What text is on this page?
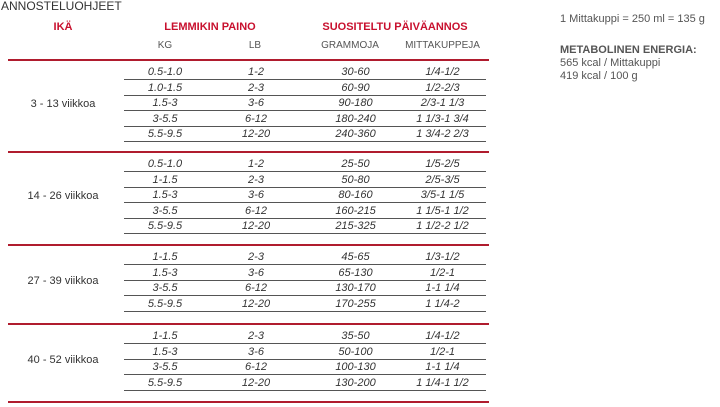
ANNOSTELUOHJEET
IKÄ	LEMMIKIN PAINO	SUOSITELTU PÄIVÄANNOS
KG	LB	GRAMMOJA	MITTAKUPPEJA
3 - 13 viikkoa
0.5-1.0	1-2	30-60	1/4-1/2
1.0-1.5	2-3	60-90	1/2-2/3
1.5-3	3-6	90-180	2/3-1 1/3
3-5.5	6-12	180-240	1 1/3-1 3/4
5.5-9.5	12-20	240-360	1 3/4-2 2/3
14 - 26 viikkoa
0.5-1.0	1-2	25-50	1/5-2/5
1-1.5	2-3	50-80	2/5-3/5
1.5-3	3-6	80-160	3/5-1 1/5
3-5.5	6-12	160-215	1 1/5-1 1/2
5.5-9.5	12-20	215-325	1 1/2-2 1/2
27 - 39 viikkoa
1-1.5	2-3	45-65	1/3-1/2
1.5-3	3-6	65-130	1/2-1
3-5.5	6-12	130-170	1-1 1/4
5.5-9.5	12-20	170-255	1 1/4-2
40 - 52 viikkoa
1-1.5	2-3	35-50	1/4-1/2
1.5-3	3-6	50-100	1/2-1
3-5.5	6-12	100-130	1-1 1/4
5.5-9.5	12-20	130-200	1 1/4-1 1/2
1 Mittakuppi = 250 ml = 135 g
METABOLINEN ENERGIA:
565 kcal / Mittakuppi
419 kcal / 100 g
